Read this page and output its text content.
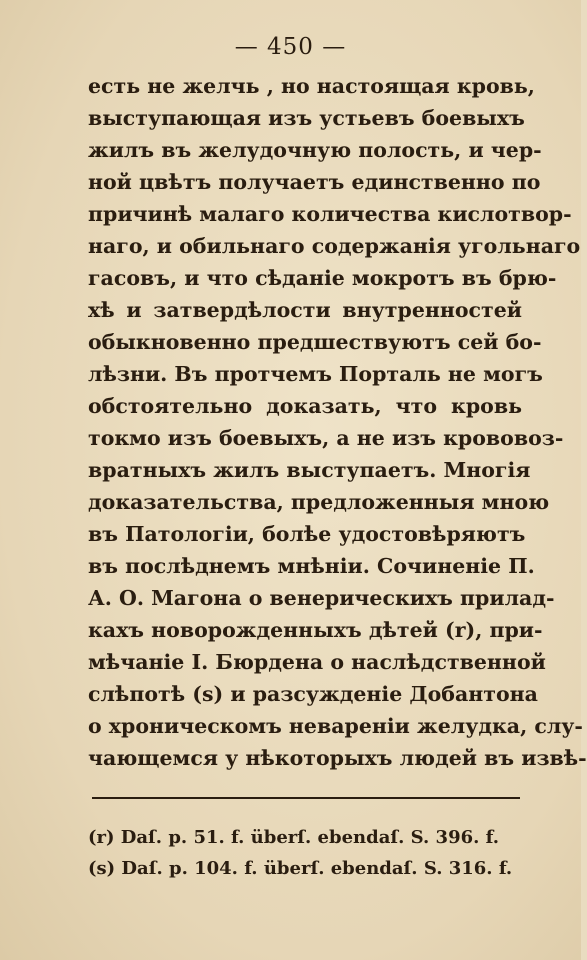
— 450 —
есть не желчь , но настоящая кровь,
выступающая изъ устьевъ боевыхъ
жилъ въ желудочную полость, и чер-
ной цвѣтъ получаетъ единственно по
причинѣ малаго количества кислотвор-
наго, и обильнаго содержанія угольнаго
гасовъ, и что сѣданіе мокротъ въ брю-
хѣ и затвердѣлости внутренностей
обыкновенно предшествуютъ сей бо-
лѣзни. Въ протчемъ Порталь не могъ
обстоятельно доказать, что кровь
токмо изъ боевыхъ, а не изъ крововоз-
вратныхъ жилъ выступаетъ. Многія
доказательства, предложенныя мною
въ Патологіи, болѣе удостовѣряютъ
въ послѣднемъ мнѣніи. Сочиненіе П.
А. О. Магона о венерическихъ прилад-
кахъ новорожденныхъ дѣтей (r), при-
мѣчаніе І. Бюрдена о наслѣдственной
слѣпотѣ (s) и разсужденіе Добантона
о хроническомъ невареніи желудка, слу-
чающемся у нѣкоторыхъ людей въ извѣ-
(r) Daſ. p. 51. f. überſ. ebendaſ. S. 396. f.
(s) Daſ. p. 104. f. überſ. ebendaſ. S. 316. f.
